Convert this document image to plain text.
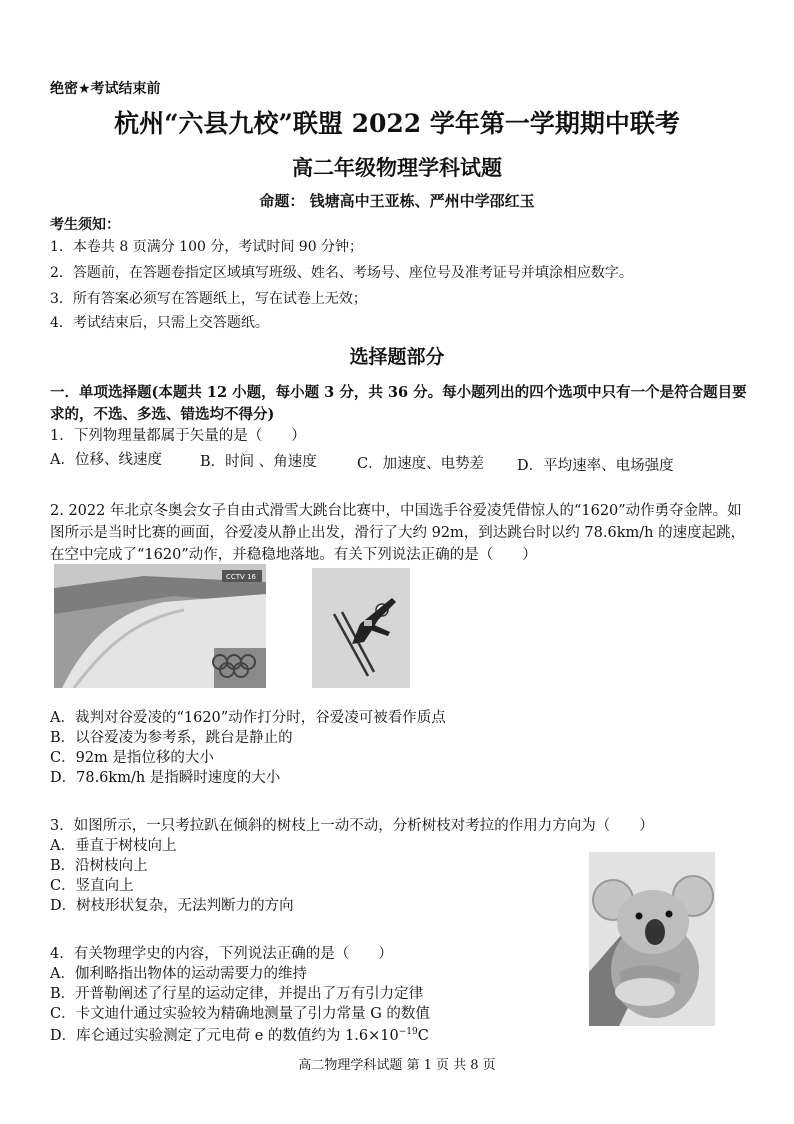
绝密★考试结束前
杭州“六县九校”联盟 2022 学年第一学期期中联考
高二年级物理学科试题
命题： 钱塘高中王亚栋、严州中学邵红玉
考生须知：
1．本卷共 8 页满分 100 分，考试时间 90 分钟；
2．答题前，在答题卷指定区域填写班级、姓名、考场号、座位号及准考证号并填涂相应数字。
3．所有答案必须写在答题纸上，写在试卷上无效；
4．考试结束后，只需上交答题纸。
选择题部分
一．单项选择题(本题共 12 小题，每小题 3 分，共 36 分。每小题列出的四个选项中只有一个是符合题目要求的，不选、多选、错选均不得分)
1．下列物理量都属于矢量的是（　　）
A．位移、线速度	B．时间 、角速度	C．加速度、电势差 D．平均速率、电场强度
2. 2022 年北京冬奥会女子自由式滑雪大跳台比赛中，中国选手谷爱凌凭借惊人的“1620”动作勇夺金牌。如图所示是当时比赛的画面，谷爱凌从静止出发，滑行了大约 92m，到达跳台时以约 78.6km/h 的速度起跳，在空中完成了“1620”动作，并稳稳地落地。有关下列说法正确的是（　　）
CCTV 16
A．裁判对谷爱凌的“1620”动作打分时，谷爱凌可被看作质点
B．以谷爱凌为参考系，跳台是静止的
C．92m 是指位移的大小
D．78.6km/h 是指瞬时速度的大小
3．如图所示，一只考拉趴在倾斜的树枝上一动不动，分析树枝对考拉的作用力方向为（　　）
A．垂直于树枝向上
B．沿树枝向上
C．竖直向上
D．树枝形状复杂，无法判断力的方向
4．有关物理学史的内容，下列说法正确的是（　　）
A．伽利略指出物体的运动需要力的维持
B．开普勒阐述了行星的运动定律，并提出了万有引力定律
C．卡文迪什通过实验较为精确地测量了引力常量 G 的数值
D．库仑通过实验测定了元电荷 e 的数值约为 $1.6\times 10^{-19}C$
高二物理学科试题 第 1 页 共 8 页
